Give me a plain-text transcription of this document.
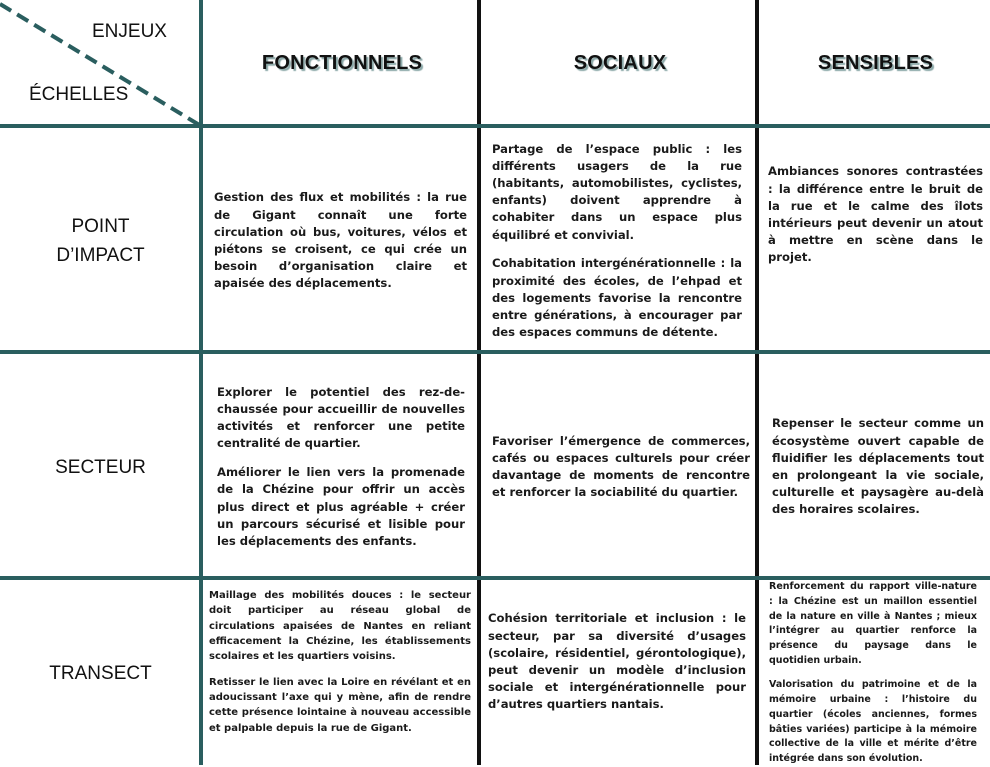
ENJEUX
ÉCHELLES
FONCTIONNELS	SOCIAUX	SENSIBLES
POINT
D’IMPACT
SECTEUR
TRANSECT

Gestion des flux et mobilités : la rue de Gigant connaît une forte circulation où bus, voitures, vélos et piétons se croisent, ce qui crée un besoin d’organisation claire et apaisée des déplacements.

Partage de l’espace public : les différents usagers de la rue (habitants, automobilistes, cyclistes, enfants) doivent apprendre à cohabiter dans un espace plus équilibré et convivial.

Cohabitation intergénérationnelle : la proximité des écoles, de l’ehpad et des logements favorise la rencontre entre générations, à encourager par des espaces communs de détente.

Ambiances sonores contrastées : la différence entre le bruit de la rue et le calme des îlots intérieurs peut devenir un atout à mettre en scène dans le projet.

Explorer le potentiel des rez-de-chaussée pour accueillir de nouvelles activités et renforcer une petite centralité de quartier.

Améliorer le lien vers la promenade de la Chézine pour offrir un accès plus direct et plus agréable + créer un parcours sécurisé et lisible pour les déplacements des enfants.

Favoriser l’émergence de commerces, cafés ou espaces culturels pour créer davantage de moments de rencontre et renforcer la sociabilité du quartier.

Repenser le secteur comme un écosystème ouvert capable de fluidifier les déplacements tout en prolongeant la vie sociale, culturelle et paysagère au-delà des horaires scolaires.

Maillage des mobilités douces : le secteur doit participer au réseau global de circulations apaisées de Nantes en reliant efficacement la Chézine, les établissements scolaires et les quartiers voisins.

Retisser le lien avec la Loire en révélant et en adoucissant l’axe qui y mène, afin de rendre cette présence lointaine à nouveau accessible et palpable depuis la rue de Gigant.

Cohésion territoriale et inclusion : le secteur, par sa diversité d’usages (scolaire, résidentiel, gérontologique), peut devenir un modèle d’inclusion sociale et intergénérationnelle pour d’autres quartiers nantais.

Renforcement du rapport ville-nature : la Chézine est un maillon essentiel de la nature en ville à Nantes ; mieux l’intégrer au quartier renforce la présence du paysage dans le quotidien urbain.

Valorisation du patrimoine et de la mémoire urbaine : l’histoire du quartier (écoles anciennes, formes bâties variées) participe à la mémoire collective de la ville et mérite d’être intégrée dans son évolution.
